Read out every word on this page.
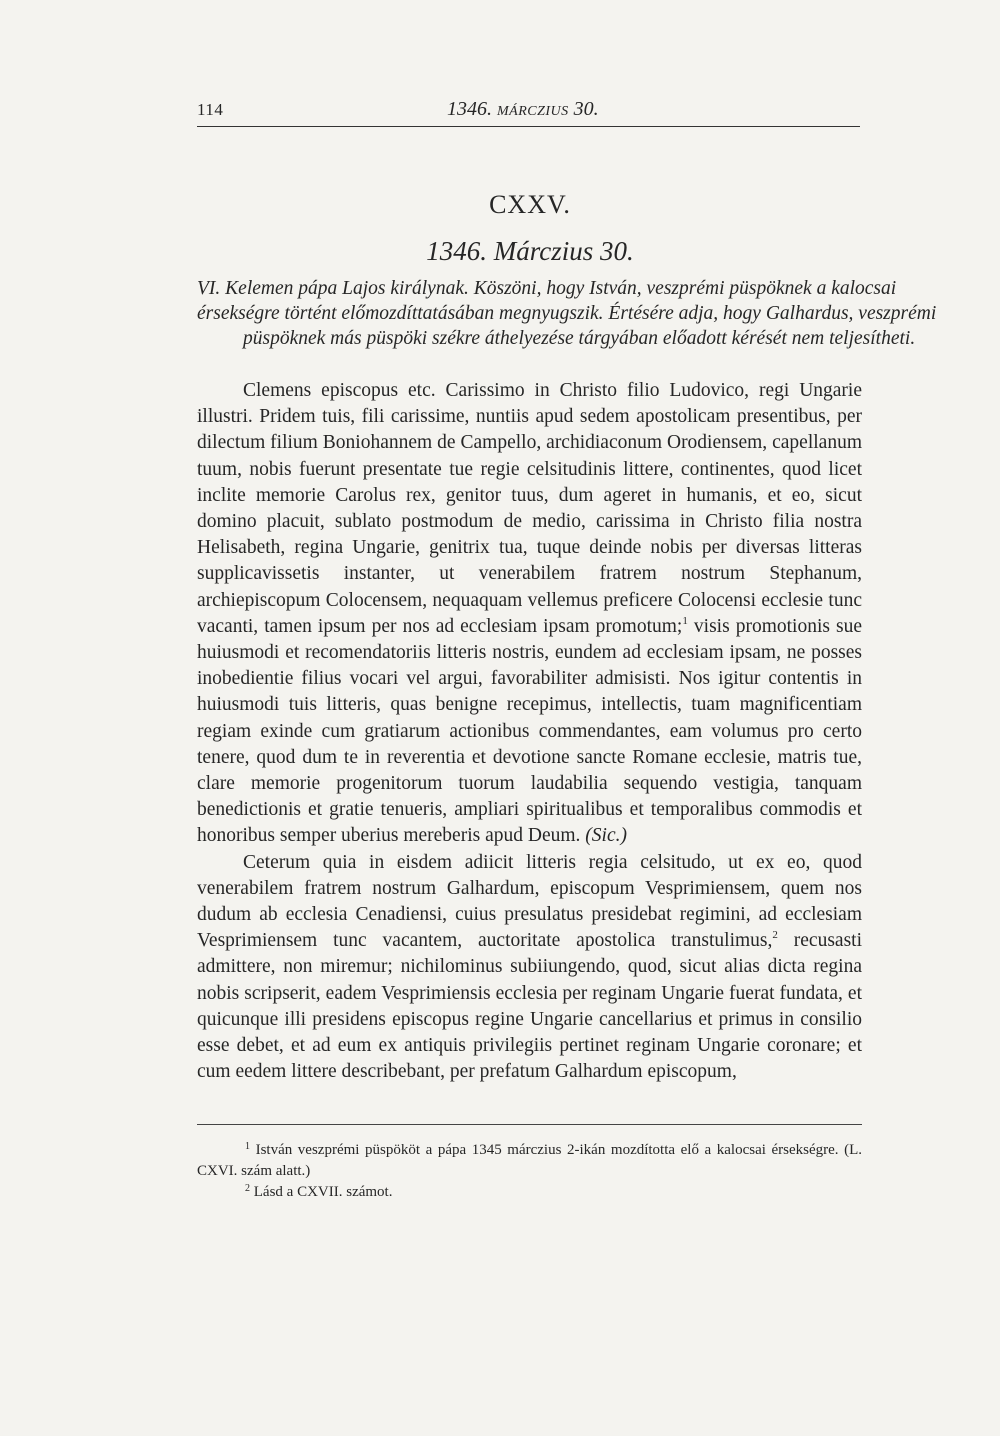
114	1346. MÁRCZIUS 30.
CXXV.
1346. Márczius 30.
VI. Kelemen pápa Lajos királynak. Köszöni, hogy István, veszprémi püspöknek a kalocsai
érsekségre történt előmozdíttatásában megnyugszik. Értésére adja, hogy Galhardus, veszprémi
püspöknek más püspöki székre áthelyezése tárgyában előadott kérését nem teljesítheti.

Clemens episcopus etc. Carissimo in Christo filio Ludovico, regi Ungarie illustri. Pridem tuis, fili carissime, nuntiis apud sedem apostolicam presentibus, per dilectum filium Boniohannem de Campello, archidiaconum Orodiensem, capellanum tuum, nobis fuerunt presentate tue regie celsitudinis littere, continentes, quod licet inclite memorie Carolus rex, genitor tuus, dum ageret in humanis, et eo, sicut domino placuit, sublato postmodum de medio, carissima in Christo filia nostra Helisabeth, regina Ungarie, genitrix tua, tuque deinde nobis per diversas litteras supplicavissetis instanter, ut venerabilem fratrem nostrum Stephanum, archiepiscopum Colocensem, nequaquam vellemus preficere Colocensi ecclesie tunc vacanti, tamen ipsum per nos ad ecclesiam ipsam promotum;$^1$ visis promotionis sue huiusmodi et recomendatoriis litteris nostris, eundem ad ecclesiam ipsam, ne posses inobedientie filius vocari vel argui, favorabiliter admisisti. Nos igitur contentis in huiusmodi tuis litteris, quas benigne recepimus, intellectis, tuam magnificentiam regiam exinde cum gratiarum actionibus commendantes, eam volumus pro certo tenere, quod dum te in reverentia et devotione sancte Romane ecclesie, matris tue, clare memorie progenitorum tuorum laudabilia sequendo vestigia, tanquam benedictionis et gratie tenueris, ampliari spiritualibus et temporalibus commodis et honoribus semper uberius mereberis apud Deum. (Sic.)

Ceterum quia in eisdem adiicit litteris regia celsitudo, ut ex eo, quod venerabilem fratrem nostrum Galhardum, episcopum Vesprimiensem, quem nos dudum ab ecclesia Cenadiensi, cuius presulatus presidebat regimini, ad ecclesiam Vesprimiensem tunc vacantem, auctoritate apostolica transtulimus,$^2$ recusasti admittere, non miremur; nichilominus subiiungendo, quod, sicut alias dicta regina nobis scripserit, eadem Vesprimiensis ecclesia per reginam Ungarie fuerat fundata, et quicunque illi presidens episcopus regine Ungarie cancellarius et primus in consilio esse debet, et ad eum ex antiquis privilegiis pertinet reginam Ungarie coronare; et cum eedem littere describebant, per prefatum Galhardum episcopum,

$^1$ István veszprémi püspököt a pápa 1345 márczius 2-ikán mozdította elő a kalocsai érsekségre. (L. CXVI. szám alatt.)

$^2$ Lásd a CXVII. számot.
